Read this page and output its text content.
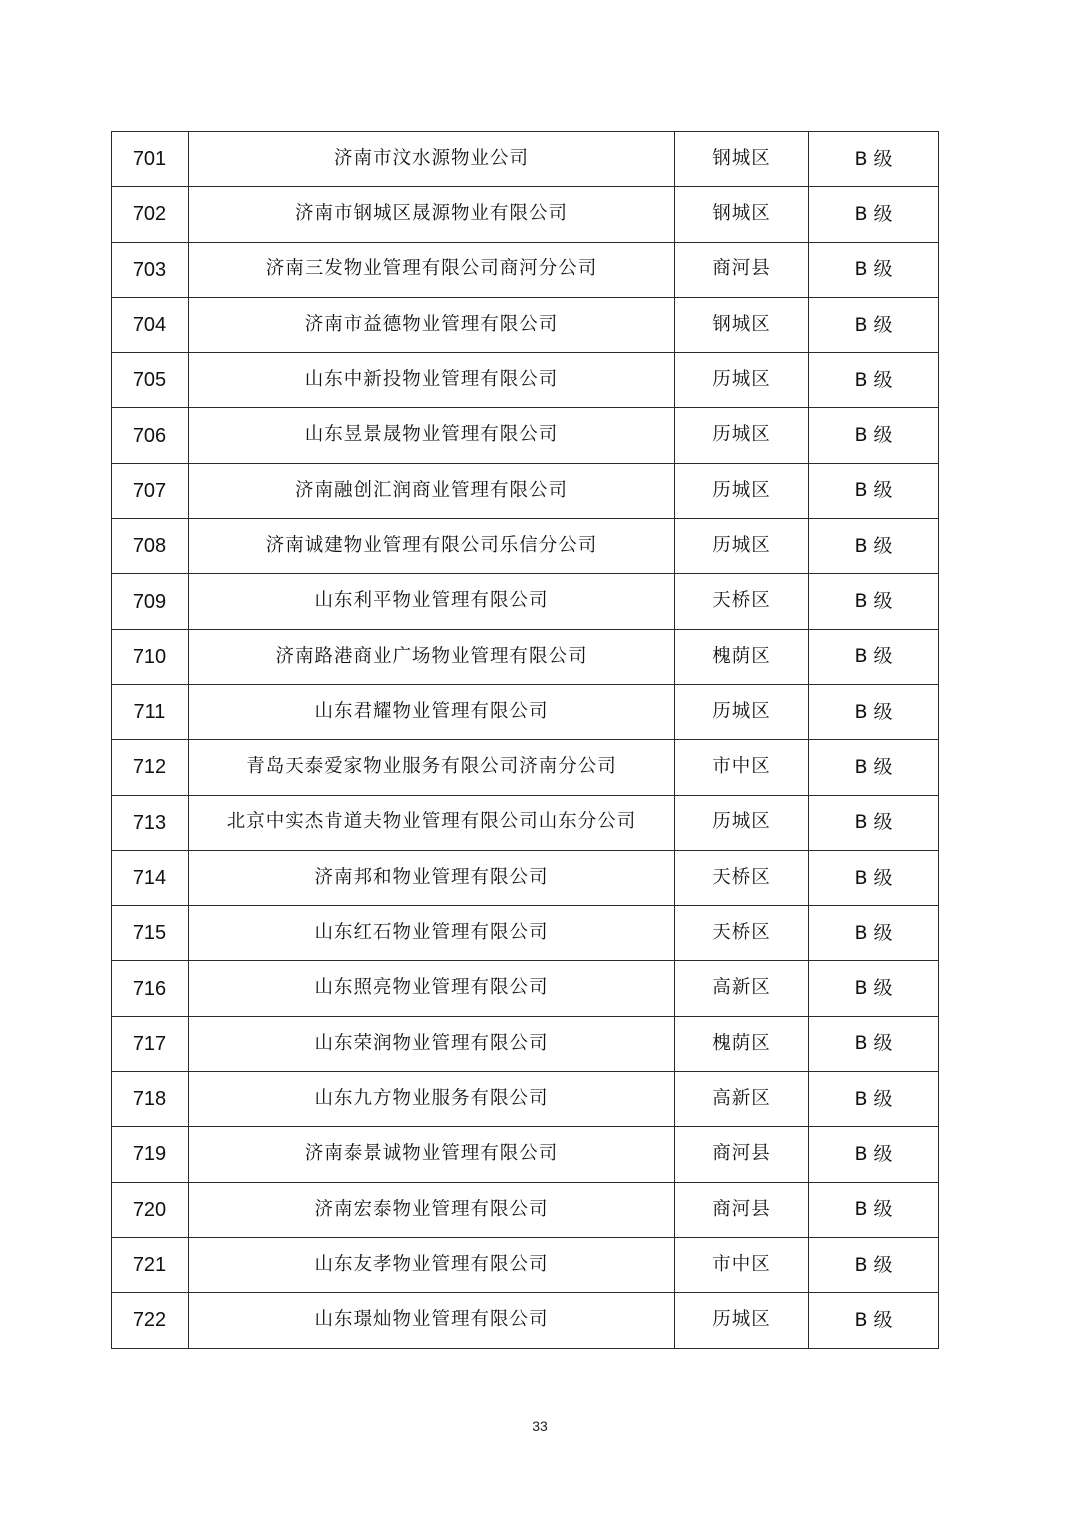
701	济南市汶水源物业公司	钢城区	B 级
702	济南市钢城区晟源物业有限公司	钢城区	B 级
703	济南三发物业管理有限公司商河分公司	商河县	B 级
704	济南市益德物业管理有限公司	钢城区	B 级
705	山东中新投物业管理有限公司	历城区	B 级
706	山东昱景晟物业管理有限公司	历城区	B 级
707	济南融创汇润商业管理有限公司	历城区	B 级
708	济南诚建物业管理有限公司乐信分公司	历城区	B 级
709	山东利平物业管理有限公司	天桥区	B 级
710	济南路港商业广场物业管理有限公司	槐荫区	B 级
711	山东君耀物业管理有限公司	历城区	B 级
712	青岛天泰爱家物业服务有限公司济南分公司	市中区	B 级
713	北京中实杰肯道夫物业管理有限公司山东分公司	历城区	B 级
714	济南邦和物业管理有限公司	天桥区	B 级
715	山东红石物业管理有限公司	天桥区	B 级
716	山东照亮物业管理有限公司	高新区	B 级
717	山东荣润物业管理有限公司	槐荫区	B 级
718	山东九方物业服务有限公司	高新区	B 级
719	济南泰景诚物业管理有限公司	商河县	B 级
720	济南宏泰物业管理有限公司	商河县	B 级
721	山东友孝物业管理有限公司	市中区	B 级
722	山东璟灿物业管理有限公司	历城区	B 级
33
